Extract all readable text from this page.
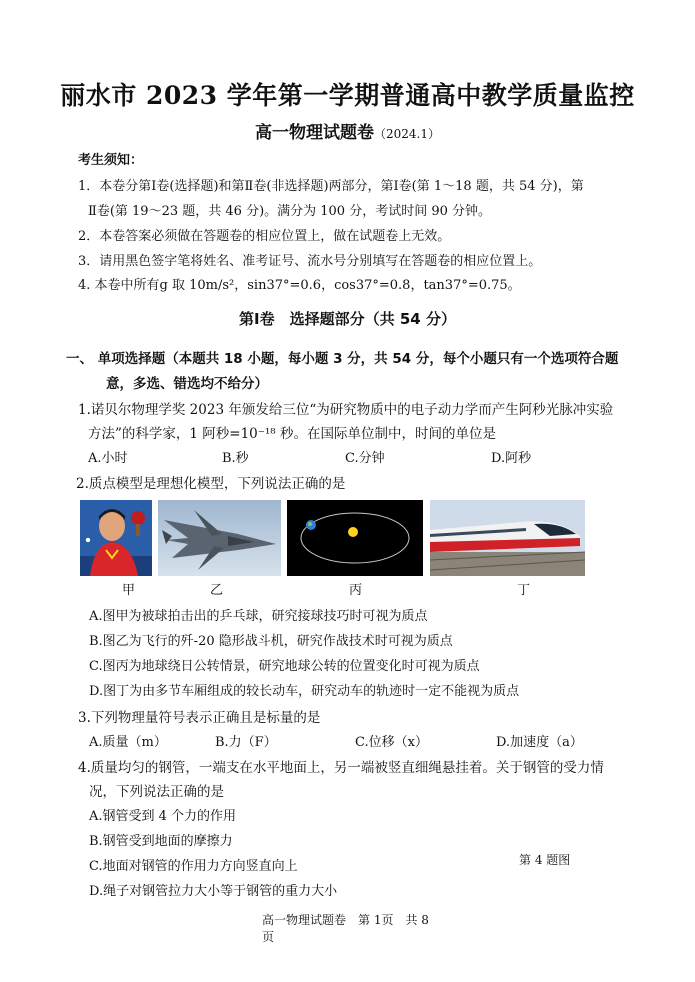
丽水市 2023 学年第一学期普通高中教学质量监控
高一物理试题卷（2024.1）
考生须知：
1．本卷分第Ⅰ卷(选择题)和第Ⅱ卷(非选择题)两部分，第Ⅰ卷(第 1～18 题，共 54 分)，第
Ⅱ卷(第 19～23 题，共 46 分)。满分为 100 分，考试时间 90 分钟。
2．本卷答案必须做在答题卷的相应位置上，做在试题卷上无效。
3．请用黑色签字笔将姓名、准考证号、流水号分别填写在答题卷的相应位置上。
4. 本卷中所有g 取 10m/s²，sin37°=0.6，cos37°=0.8，tan37°=0.75。
第Ⅰ卷　选择题部分（共 54 分）
一、 单项选择题（本题共 18 小题，每小题 3 分，共 54 分，每个小题只有一个选项符合题
意，多选、错选均不给分）
1.诺贝尔物理学奖 2023 年颁发给三位“为研究物质中的电子动力学而产生阿秒光脉冲实验
方法”的科学家，1 阿秒=10⁻¹⁸ 秒。在国际单位制中，时间的单位是
A.小时	B.秒	C.分钟	D.阿秒
2.质点模型是理想化模型，下列说法正确的是
甲	乙	丙	丁
A.图甲为被球拍击出的乒乓球，研究接球技巧时可视为质点
B.图乙为飞行的歼-20 隐形战斗机，研究作战技术时可视为质点
C.图丙为地球绕日公转情景，研究地球公转的位置变化时可视为质点
D.图丁为由多节车厢组成的较长动车，研究动车的轨迹时一定不能视为质点
3.下列物理量符号表示正确且是标量的是
A.质量（m）	B.力（F）	C.位移（x）	D.加速度（a）
4.质量均匀的钢管，一端支在水平地面上，另一端被竖直细绳悬挂着。关于钢管的受力情
况，下列说法正确的是
A.钢管受到 4 个力的作用
B.钢管受到地面的摩擦力
C.地面对钢管的作用力方向竖直向上
D.绳子对钢管拉力大小等于钢管的重力大小
第 4 题图
高一物理试题卷　第 1页　共 8
页
